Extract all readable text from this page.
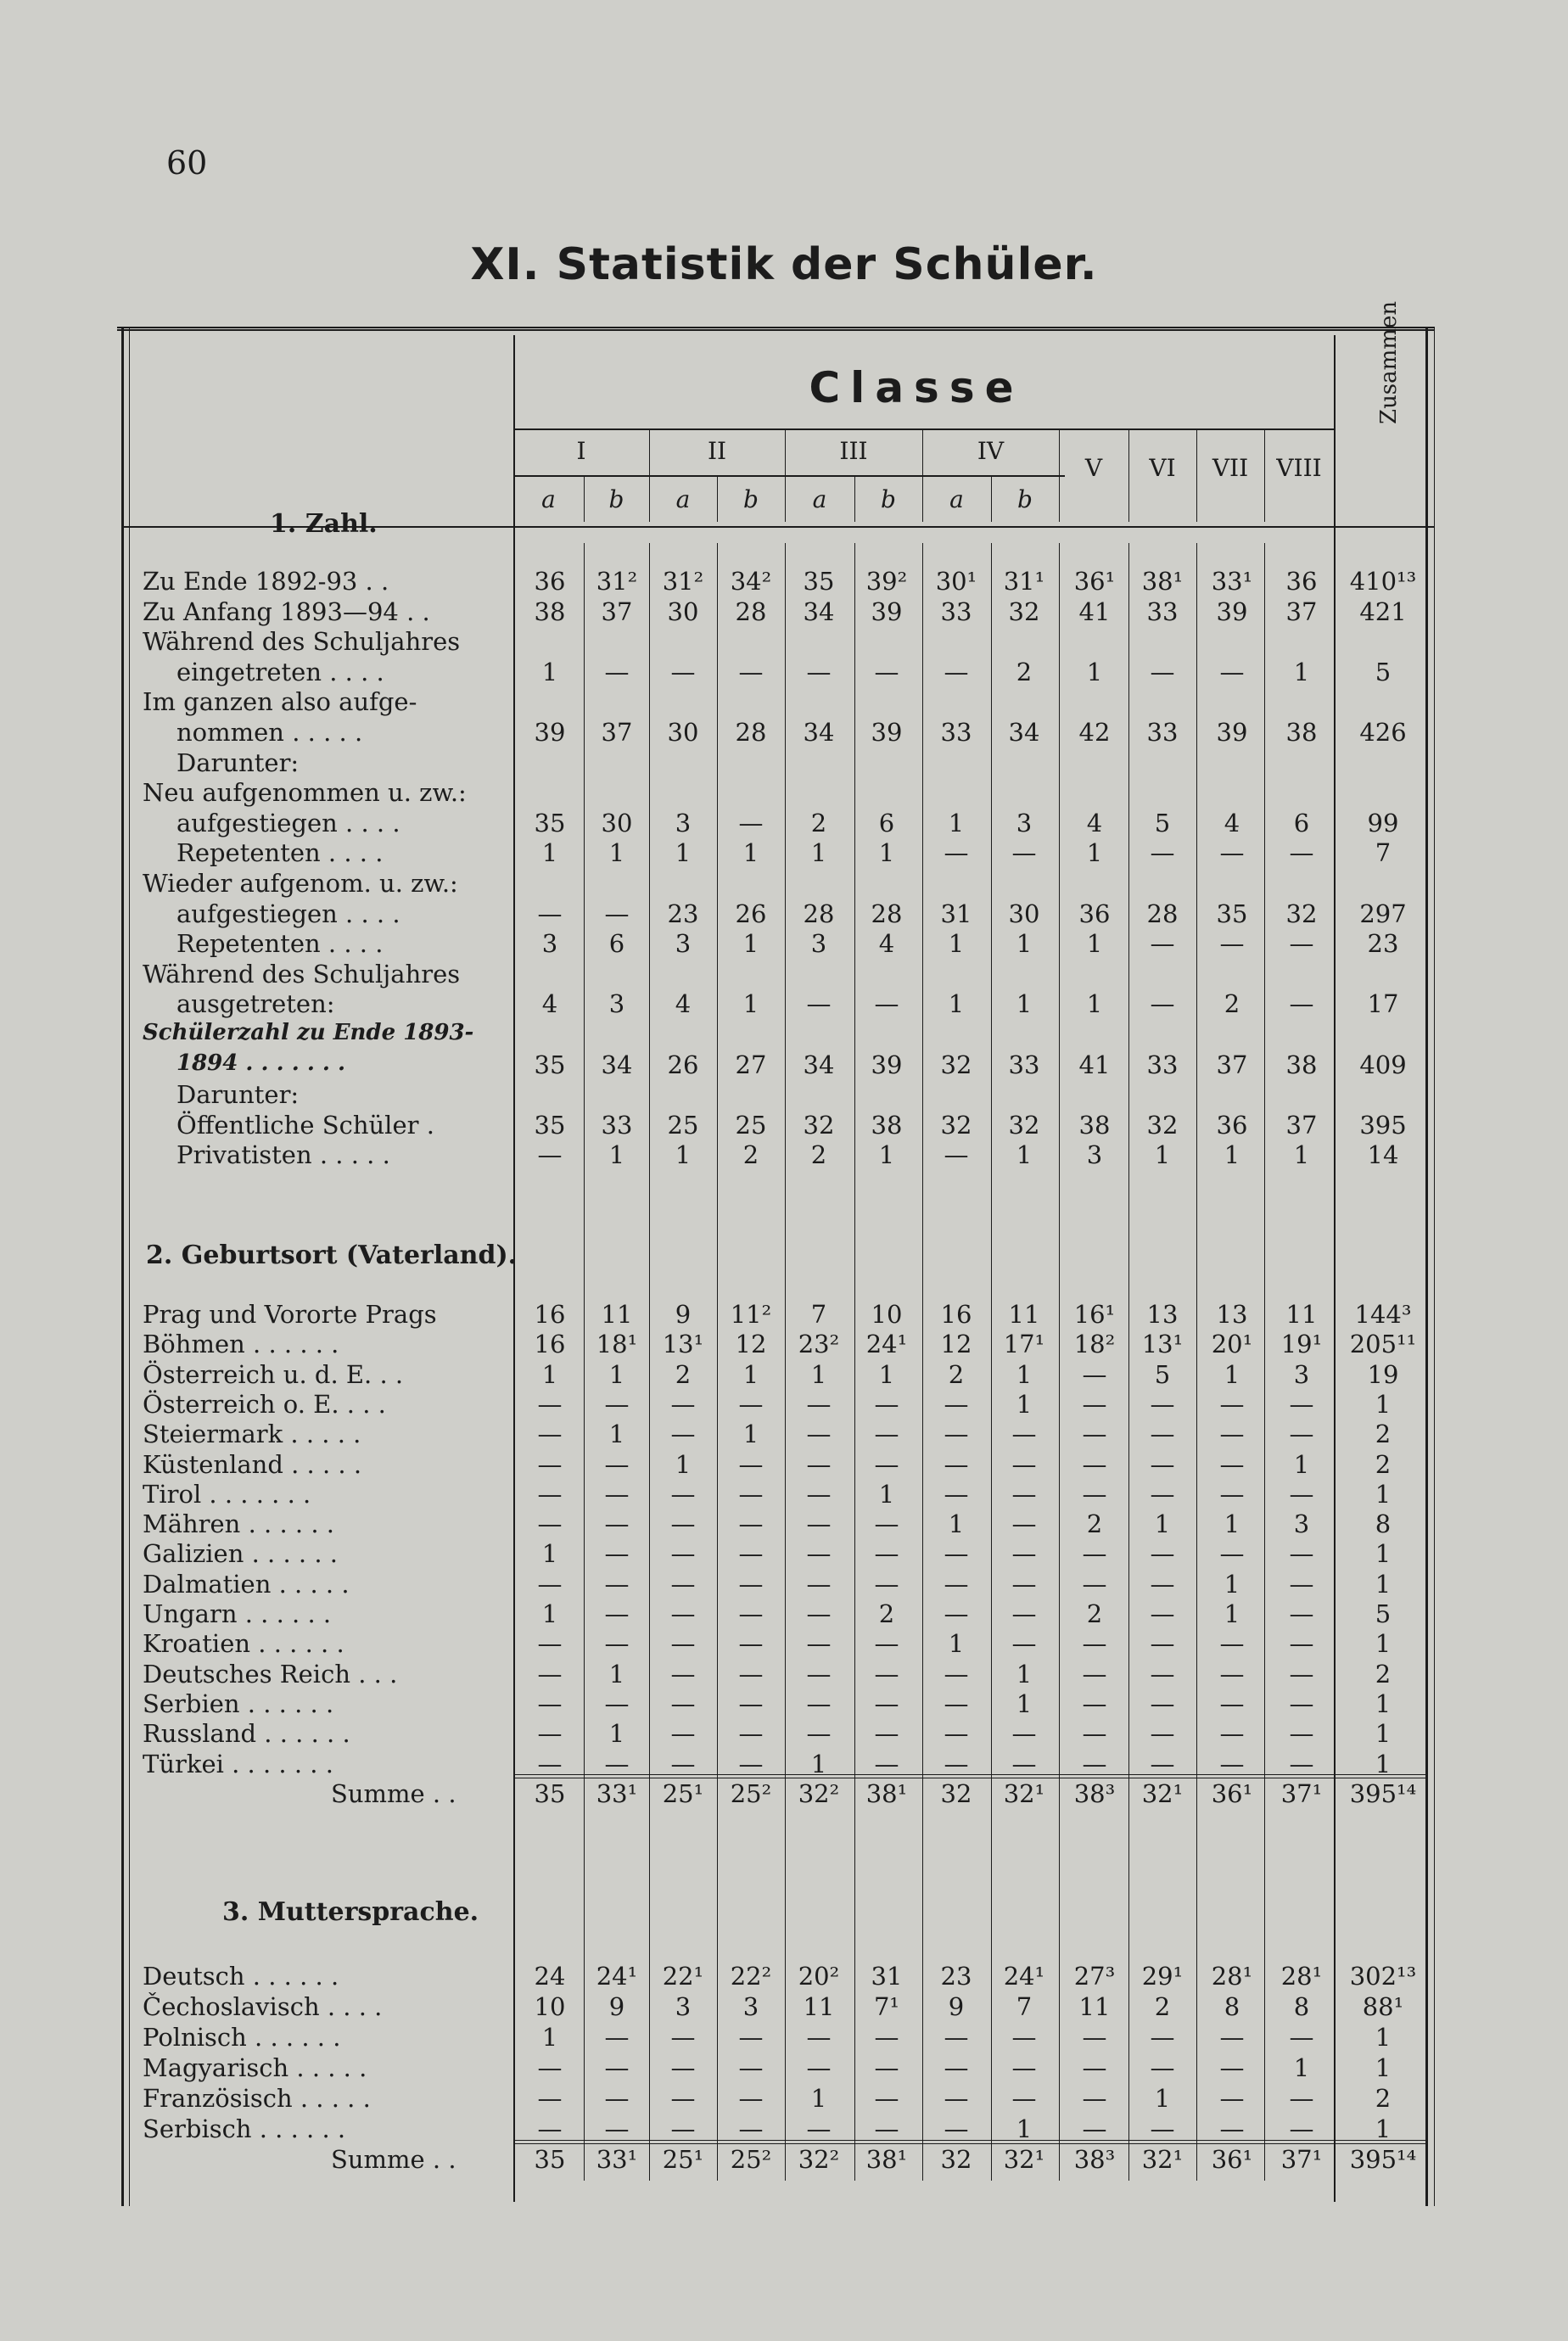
60
XI. Statistik der Schüler.
Classe	Zusammen
I	II	III	IV
V	VI	VII	VIII
a	b	a	b	a	b	a	b
1. Zahl.
Zu Ende 1892-93 . .	36	31²	31²	34²	35	39²	30¹	31¹	36¹	38¹	33¹	36	410¹³
Zu Anfang 1893—94 . .	38	37	30	28	34	39	33	32	41	33	39	37	421
Während des Schuljahres
eingetreten . . . .	1	—	—	—	—	—	—	2	1	—	—	1	5
Im ganzen also aufge-
nommen . . . . .	39	37	30	28	34	39	33	34	42	33	39	38	426
Darunter:
Neu aufgenommen u. zw.:
aufgestiegen . . . .	35	30	3	—	2	6	1	3	4	5	4	6	99
Repetenten . . . .	1	1	1	1	1	1	—	—	1	—	—	—	7
Wieder aufgenom. u. zw.:
aufgestiegen . . . .	—	—	23	26	28	28	31	30	36	28	35	32	297
Repetenten . . . .	3	6	3	1	3	4	1	1	1	—	—	—	23
Während des Schuljahres
ausgetreten:	4	3	4	1	—	—	1	1	1	—	2	—	17
Schülerzahl zu Ende 1893-
1894 . . . . . . .	35	34	26	27	34	39	32	33	41	33	37	38	409
Darunter:
Öffentliche Schüler .	35	33	25	25	32	38	32	32	38	32	36	37	395
Privatisten . . . . .	—	1	1	2	2	1	—	1	3	1	1	1	14
2. Geburtsort (Vaterland).
Prag und Vororte Prags	16	11	9	11²	7	10	16	11	16¹	13	13	11	144³
Böhmen . . . . . .	16	18¹	13¹	12	23²	24¹	12	17¹	18²	13¹	20¹	19¹	205¹¹
Österreich u. d. E. . .	1	1	2	1	1	1	2	1	—	5	1	3	19
Österreich o. E. . . .	—	—	—	—	—	—	—	1	—	—	—	—	1
Steiermark . . . . .	—	1	—	1	—	—	—	—	—	—	—	—	2
Küstenland . . . . .	—	—	1	—	—	—	—	—	—	—	—	1	2
Tirol . . . . . . .	—	—	—	—	—	1	—	—	—	—	—	—	1
Mähren . . . . . .	—	—	—	—	—	—	1	—	2	1	1	3	8
Galizien . . . . . .	1	—	—	—	—	—	—	—	—	—	—	—	1
Dalmatien . . . . .	—	—	—	—	—	—	—	—	—	—	1	—	1
Ungarn . . . . . .	1	—	—	—	—	2	—	—	2	—	1	—	5
Kroatien . . . . . .	—	—	—	—	—	—	1	—	—	—	—	—	1
Deutsches Reich . . .	—	1	—	—	—	—	—	1	—	—	—	—	2
Serbien . . . . . .	—	—	—	—	—	—	—	1	—	—	—	—	1
Russland . . . . . .	—	1	—	—	—	—	—	—	—	—	—	—	1
Türkei . . . . . . .	—	—	—	—	1	—	—	—	—	—	—	—	1
Summe . .	35	33¹	25¹	25²	32²	38¹	32	32¹	38³	32¹	36¹	37¹	395¹⁴
3. Muttersprache.
Deutsch . . . . . .	24	24¹	22¹	22²	20²	31	23	24¹	27³	29¹	28¹	28¹	302¹³
Čechoslavisch . . . .	10	9	3	3	11	7¹	9	7	11	2	8	8	88¹
Polnisch . . . . . .	1	—	—	—	—	—	—	—	—	—	—	—	1
Magyarisch . . . . .	—	—	—	—	—	—	—	—	—	—	—	1	1
Französisch . . . . .	—	—	—	—	1	—	—	—	—	1	—	—	2
Serbisch . . . . . .	—	—	—	—	—	—	—	1	—	—	—	—	1
Summe . .	35	33¹	25¹	25²	32²	38¹	32	32¹	38³	32¹	36¹	37¹	395¹⁴
